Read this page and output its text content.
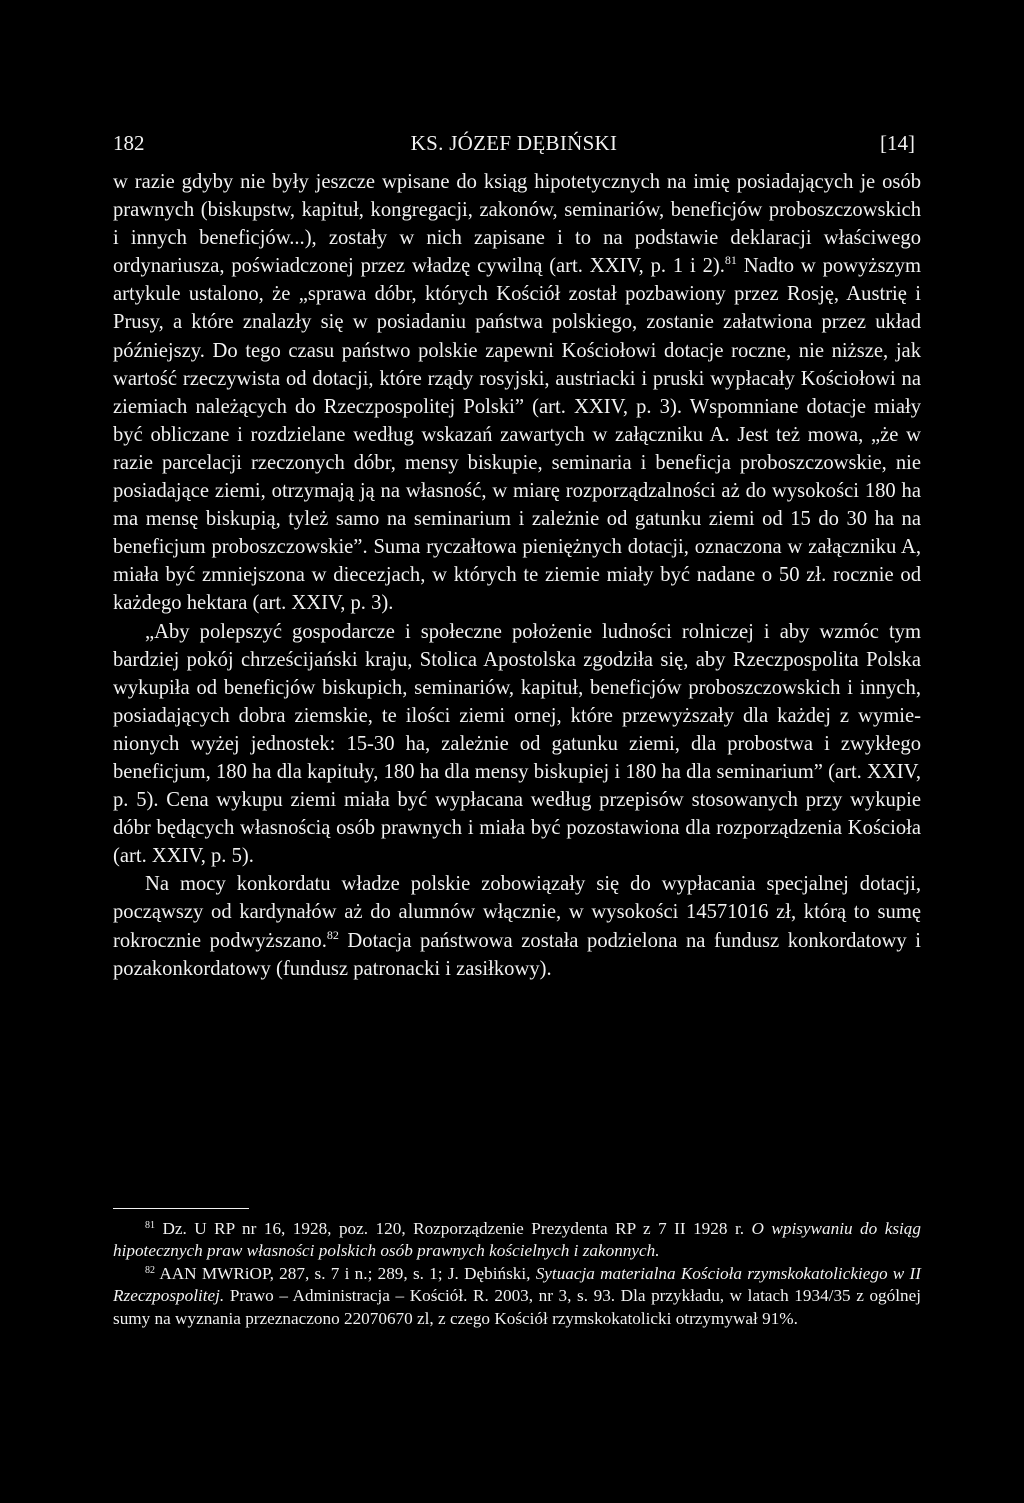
182	KS. JÓZEF DĘBIŃSKI	[14]

w razie gdyby nie były jeszcze wpisane do ksiąg hipotetycznych na imię posiadających je osób prawnych (biskupstw, kapituł, kongregacji, zakonów, seminariów, beneficjów proboszczowskich i innych beneficjów...), zostały w nich zapisane i to na podstawie deklaracji właściwego ordynariusza, poświadczonej przez władzę cywilną (art. XXIV, p. 1 i 2).$^{81}$ Nadto w powyższym artykule ustalono, że „sprawa dóbr, których Kościół został pozbawiony przez Rosję, Austrię i Prusy, a które znalazły się w posiadaniu państwa polskiego, zostanie załatwiona przez układ późniejszy. Do tego czasu państwo polskie zapewni Kościołowi dotacje roczne, nie niższe, jak wartość rzeczywista od dotacji, które rządy rosyjski, austriacki i pruski wypłacały Kościołowi na ziemiach należących do Rzeczpospolitej Polski” (art. XXIV, p. 3). Wspomniane dotacje miały być obliczane i rozdzielane według wskazań zawartych w załączniku A. Jest też mowa, „że w razie parcelacji rzeczonych dóbr, mensy biskupie, seminaria i beneficja proboszczowskie, nie posiadające ziemi, otrzymają ją na własność, w miarę rozporządzalności aż do wysokości 180 ha ma mensę biskupią, tyleż samo na seminarium i zależnie od gatunku ziemi od 15 do 30 ha na beneficjum proboszczowskie”. Suma ryczałtowa pieniężnych dotacji, oznaczona w załączniku A, miała być zmniejszona w diecezjach, w których te ziemie miały być nadane o 50 zł. rocznie od każdego hektara (art. XXIV, p. 3).

„Aby polepszyć gospodarcze i społeczne położenie ludności rolniczej i aby wzmóc tym bardziej pokój chrześcijański kraju, Stolica Apostolska zgodziła się, aby Rzeczpospolita Polska wykupiła od beneficjów biskupich, seminariów, kapituł, beneficjów proboszczowskich i innych, posiadających dobra ziemskie, te ilości ziemi ornej, które przewyższały dla każdej z wymienionych wyżej jednostek: 15-30 ha, zależnie od gatunku ziemi, dla probostwa i zwykłego beneficjum, 180 ha dla kapituły, 180 ha dla mensy biskupiej i 180 ha dla seminarium” (art. XXIV, p. 5). Cena wykupu ziemi miała być wypłacana według przepisów stosowanych przy wykupie dóbr będących własnością osób prawnych i miała być pozostawiona dla rozporządzenia Kościoła (art. XXIV, p. 5).

Na mocy konkordatu władze polskie zobowiązały się do wypłacania specjalnej dotacji, począwszy od kardynałów aż do alumnów włącznie, w wysokości 14571016 zł, którą to sumę rokrocznie podwyższano.$^{82}$ Dotacja państwowa została podzielona na fundusz konkordatowy i pozakonkordatowy (fundusz patronacki i zasiłkowy).

$^{81}$ Dz. U RP nr 16, 1928, poz. 120, Rozporządzenie Prezydenta RP z 7 II 1928 r. O wpisywaniu do ksiąg hipotecznych praw własności polskich osób prawnych kościelnych i zakonnych.

$^{82}$ AAN MWRiOP, 287, s. 7 i n.; 289, s. 1; J. Dębiński, Sytuacja materialna Kościoła rzymskokatolickiego w II Rzeczpospolitej. Prawo – Administracja – Kościół. R. 2003, nr 3, s. 93. Dla przykładu, w latach 1934/35 z ogólnej sumy na wyznania przeznaczono 22070670 zl, z czego Kościół rzymskokatolicki otrzymywał 91%.
